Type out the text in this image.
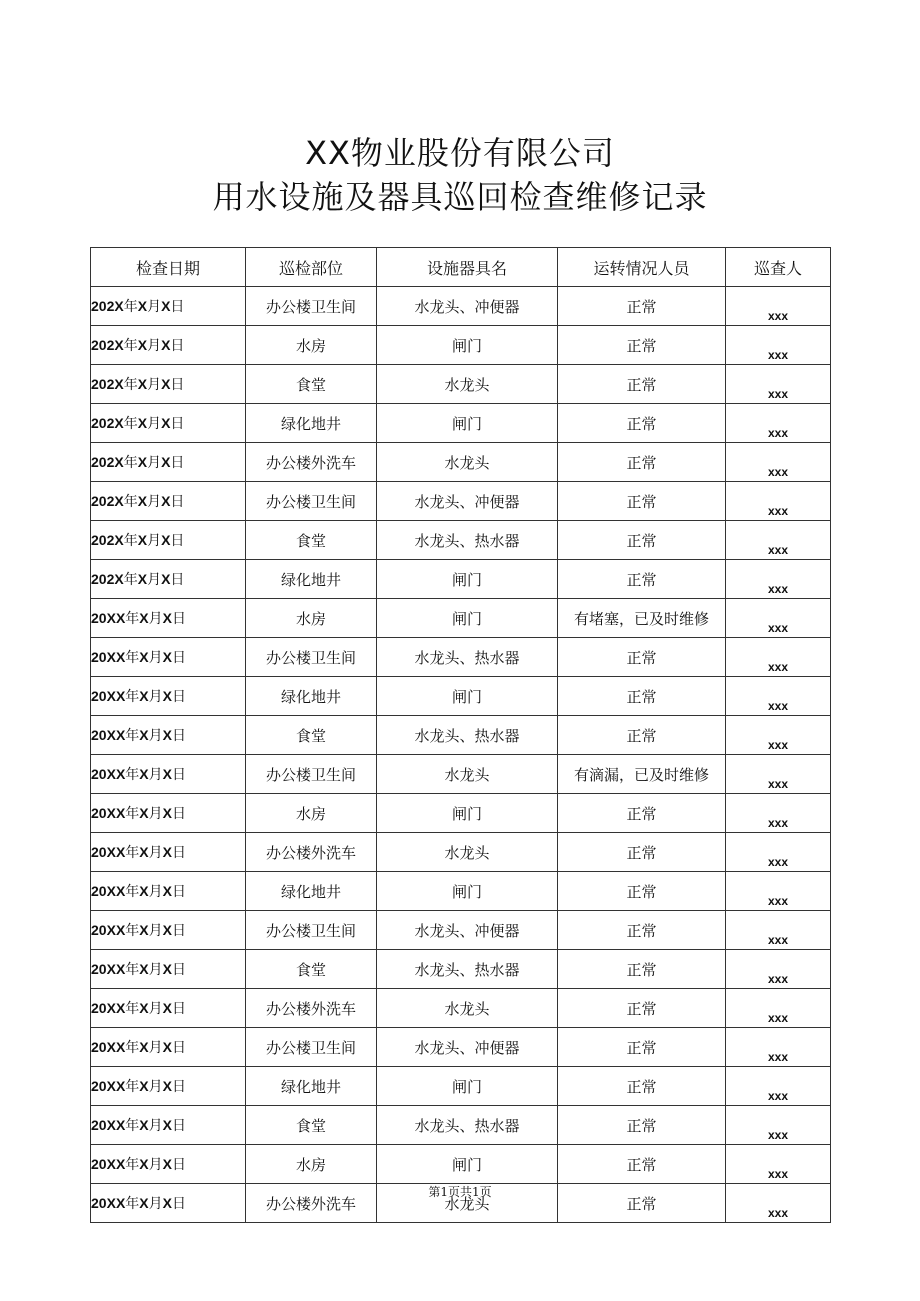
XX物业股份有限公司
用水设施及器具巡回检查维修记录
检查日期	巡检部位	设施器具名	运转情况人员	巡查人
202X年X月X日	办公楼卫生间	水龙头、冲便器	正常	xxx
202X年X月X日	水房	闸门	正常	xxx
202X年X月X日	食堂	水龙头	正常	xxx
202X年X月X日	绿化地井	闸门	正常	xxx
202X年X月X日	办公楼外洗车	水龙头	正常	xxx
202X年X月X日	办公楼卫生间	水龙头、冲便器	正常	xxx
202X年X月X日	食堂	水龙头、热水器	正常	xxx
202X年X月X日	绿化地井	闸门	正常	xxx
20XX年X月X日	水房	闸门	有堵塞，已及时维修	xxx
20XX年X月X日	办公楼卫生间	水龙头、热水器	正常	xxx
20XX年X月X日	绿化地井	闸门	正常	xxx
20XX年X月X日	食堂	水龙头、热水器	正常	xxx
20XX年X月X日	办公楼卫生间	水龙头	有滴漏，已及时维修	xxx
20XX年X月X日	水房	闸门	正常	xxx
20XX年X月X日	办公楼外洗车	水龙头	正常	xxx
20XX年X月X日	绿化地井	闸门	正常	xxx
20XX年X月X日	办公楼卫生间	水龙头、冲便器	正常	xxx
20XX年X月X日	食堂	水龙头、热水器	正常	xxx
20XX年X月X日	办公楼外洗车	水龙头	正常	xxx
20XX年X月X日	办公楼卫生间	水龙头、冲便器	正常	xxx
20XX年X月X日	绿化地井	闸门	正常	xxx
20XX年X月X日	食堂	水龙头、热水器	正常	xxx
20XX年X月X日	水房	闸门	正常	xxx
20XX年X月X日	办公楼外洗车	水龙头	正常	xxx
第1页共1页
